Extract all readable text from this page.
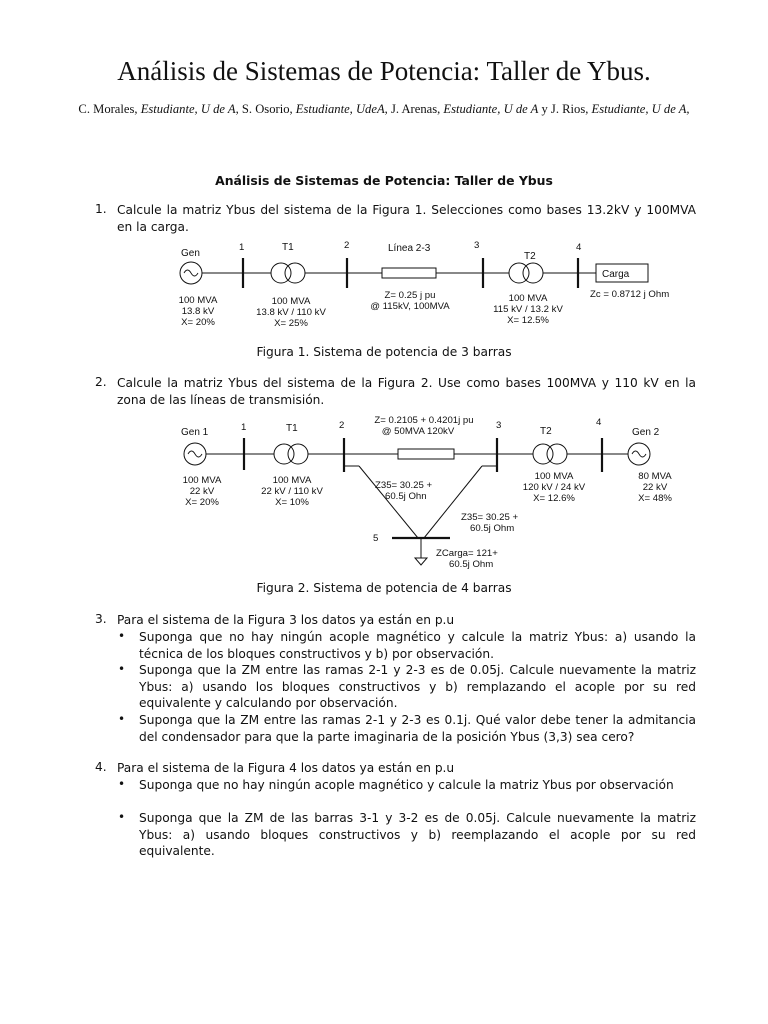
Análisis de Sistemas de Potencia: Taller de Ybus.
C. Morales, Estudiante, U de A, S. Osorio, Estudiante, UdeA, J. Arenas, Estudiante, U de A y J. Rios, Estudiante, U de A,
Análisis de Sistemas de Potencia: Taller de Ybus
1. Calcule la matriz Ybus del sistema de la Figura 1. Selecciones como bases 13.2kV y 100MVA en la carga.
Gen
1	2	3	4
T1	Línea 2-3
T2
Carga
100 MVA
13.8 kV
X= 20%
100 MVA
13.8 kV / 110 kV
X= 25%
Z= 0.25 j pu
@ 115kV, 100MVA
100 MVA
115 kV / 13.2 kV
X= 12.5%
Zc = 0.8712 j Ohm
Figura 1. Sistema de potencia de 3 barras
2. Calcule la matriz Ybus del sistema de la Figura 2. Use como bases 100MVA y 110 kV en la zona de las líneas de transmisión.
Gen 1	1	2	3	4
5
T1	T2	Gen 2
Z= 0.2105 + 0.4201j pu
@ 50MVA 120kV
100 MVA
22 kV
X= 20%
100 MVA
22 kV / 110 kV
X= 10%
Z35= 30.25 +
60.5j Ohn
Z35= 30.25 +
60.5j Ohm
ZCarga= 121+
60.5j Ohm
100 MVA
120 kV / 24 kV
X= 12.6%
80 MVA
22 kV
X= 48%
Figura 2. Sistema de potencia de 4 barras
3. Para el sistema de la Figura 3 los datos ya están en p.u
• Suponga que no hay ningún acople magnético y calcule la matriz Ybus: a) usando la técnica de los bloques constructivos y b) por observación.
• Suponga que la ZM entre las ramas 2-1 y 2-3 es de 0.05j. Calcule nuevamente la matriz Ybus: a) usando los bloques constructivos y b) remplazando el acople por su red equivalente y calculando por observación.
• Suponga que la ZM entre las ramas 2-1 y 2-3 es 0.1j. Qué valor debe tener la admitancia del condensador para que la parte imaginaria de la posición Ybus (3,3) sea cero?
4. Para el sistema de la Figura 4 los datos ya están en p.u
• Suponga que no hay ningún acople magnético y calcule la matriz Ybus por observación
• Suponga que la ZM de las barras 3-1 y 3-2 es de 0.05j. Calcule nuevamente la matriz Ybus: a) usando bloques constructivos y b) reemplazando el acople por su red equivalente.
